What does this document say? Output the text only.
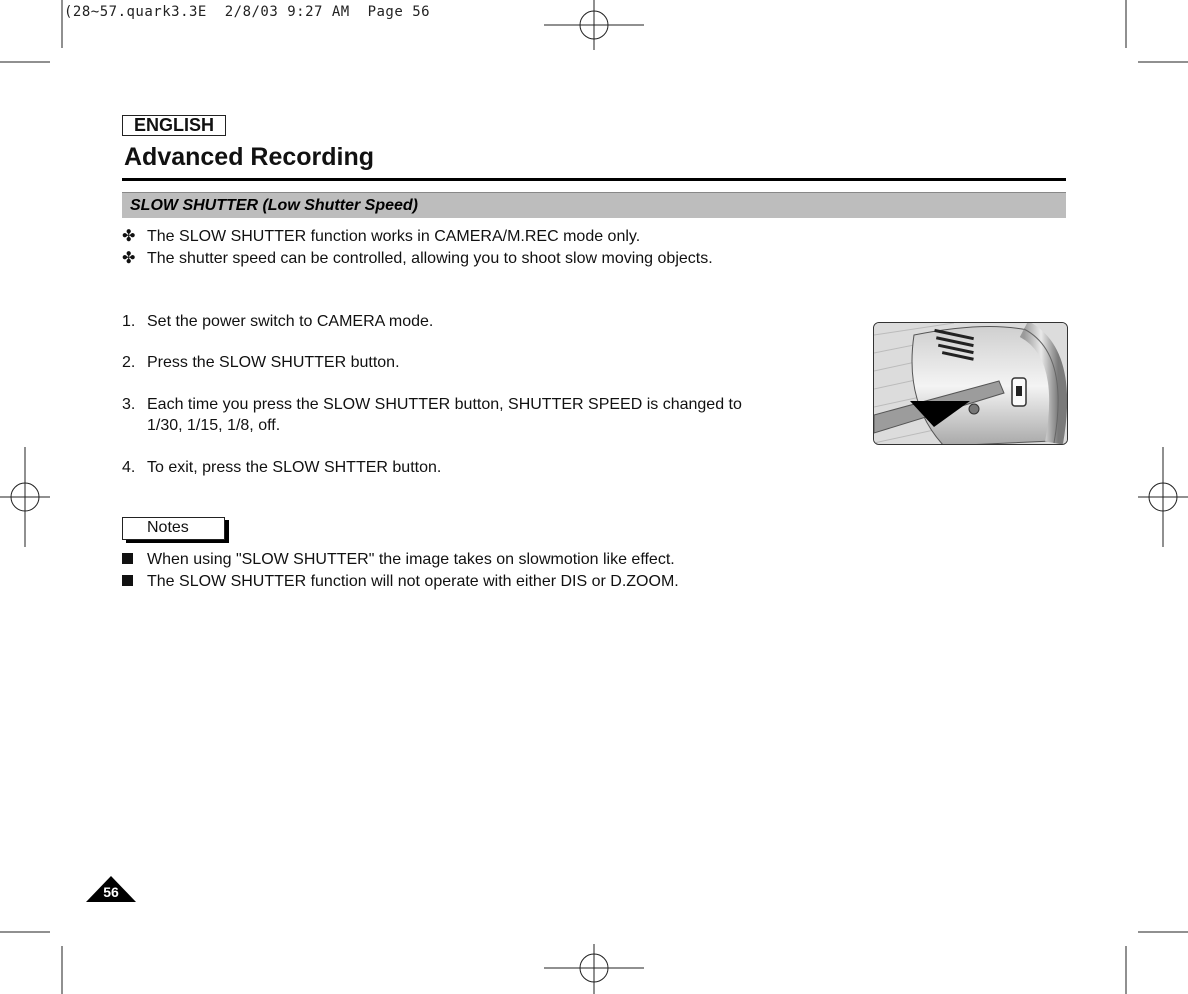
(28~57.quark3.3E  2/8/03 9:27 AM  Page 56
ENGLISH
Advanced Recording
SLOW SHUTTER (Low Shutter Speed)
✤ The SLOW SHUTTER function works in CAMERA/M.REC mode only.
✤ The shutter speed can be controlled, allowing you to shoot slow moving objects.
1. Set the power switch to CAMERA mode.
2. Press the SLOW SHUTTER button.
3. Each time you press the SLOW SHUTTER button, SHUTTER SPEED is changed to
1/30, 1/15, 1/8, off.
4. To exit, press the SLOW SHTTER button.
Notes
When using "SLOW SHUTTER" the image takes on slowmotion like effect.
The SLOW SHUTTER function will not operate with either DIS or D.ZOOM.
56
